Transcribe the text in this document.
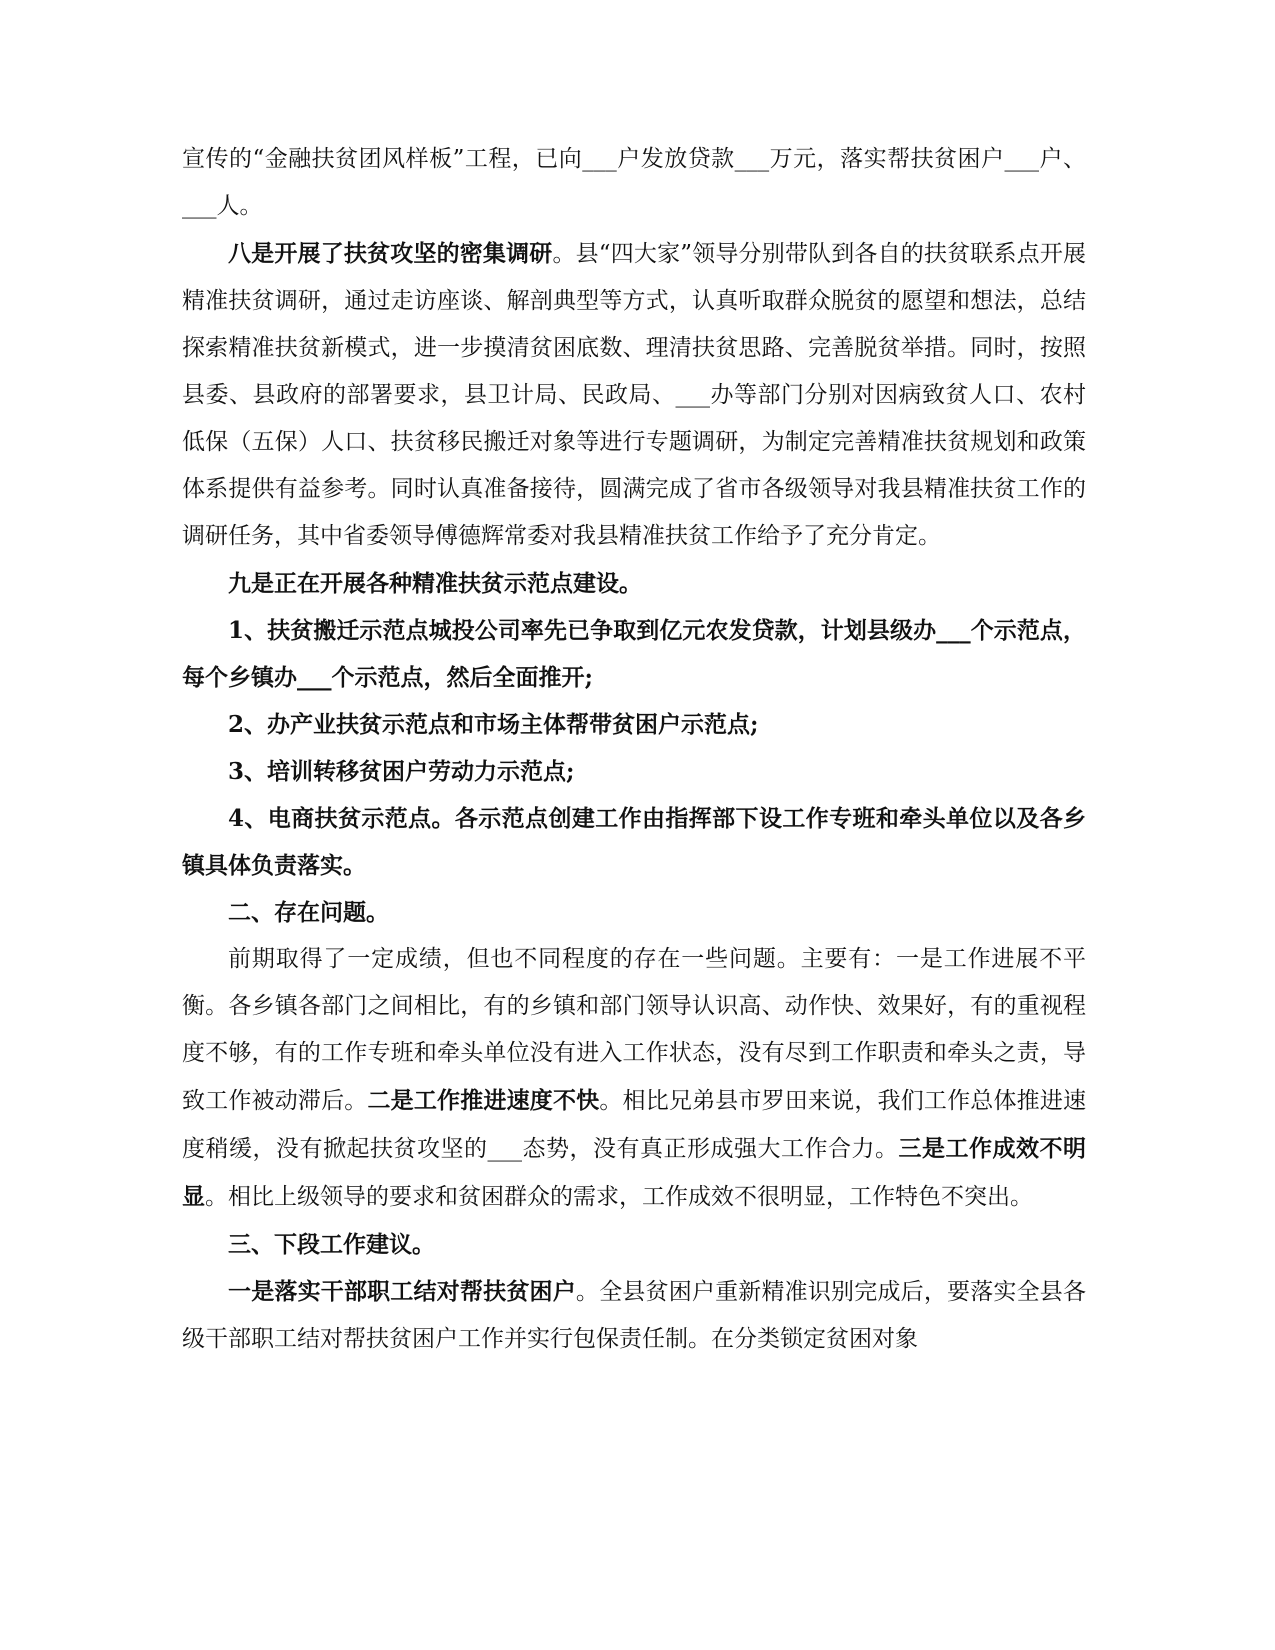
宣传的“金融扶贫团风样板”工程，已向___户发放贷款___万元，落实帮扶贫困户___户、___人。

八是开展了扶贫攻坚的密集调研。县“四大家”领导分别带队到各自的扶贫联系点开展精准扶贫调研，通过走访座谈、解剖典型等方式，认真听取群众脱贫的愿望和想法，总结探索精准扶贫新模式，进一步摸清贫困底数、理清扶贫思路、完善脱贫举措。同时，按照县委、县政府的部署要求，县卫计局、民政局、___办等部门分别对因病致贫人口、农村低保（五保）人口、扶贫移民搬迁对象等进行专题调研，为制定完善精准扶贫规划和政策体系提供有益参考。同时认真准备接待，圆满完成了省市各级领导对我县精准扶贫工作的调研任务，其中省委领导傅德辉常委对我县精准扶贫工作给予了充分肯定。

九是正在开展各种精准扶贫示范点建设。

1、扶贫搬迁示范点城投公司率先已争取到亿元农发贷款，计划县级办___个示范点，每个乡镇办___个示范点，然后全面推开;

2、办产业扶贫示范点和市场主体帮带贫困户示范点;

3、培训转移贫困户劳动力示范点;

4、电商扶贫示范点。各示范点创建工作由指挥部下设工作专班和牵头单位以及各乡镇具体负责落实。

二、存在问题。

前期取得了一定成绩，但也不同程度的存在一些问题。主要有：一是工作进展不平衡。各乡镇各部门之间相比，有的乡镇和部门领导认识高、动作快、效果好，有的重视程度不够，有的工作专班和牵头单位没有进入工作状态，没有尽到工作职责和牵头之责，导致工作被动滞后。二是工作推进速度不快。相比兄弟县市罗田来说，我们工作总体推进速度稍缓，没有掀起扶贫攻坚的___态势，没有真正形成强大工作合力。三是工作成效不明显。相比上级领导的要求和贫困群众的需求，工作成效不很明显，工作特色不突出。

三、下段工作建议。

一是落实干部职工结对帮扶贫困户。全县贫困户重新精准识别完成后，要落实全县各级干部职工结对帮扶贫困户工作并实行包保责任制。在分类锁定贫困对象
